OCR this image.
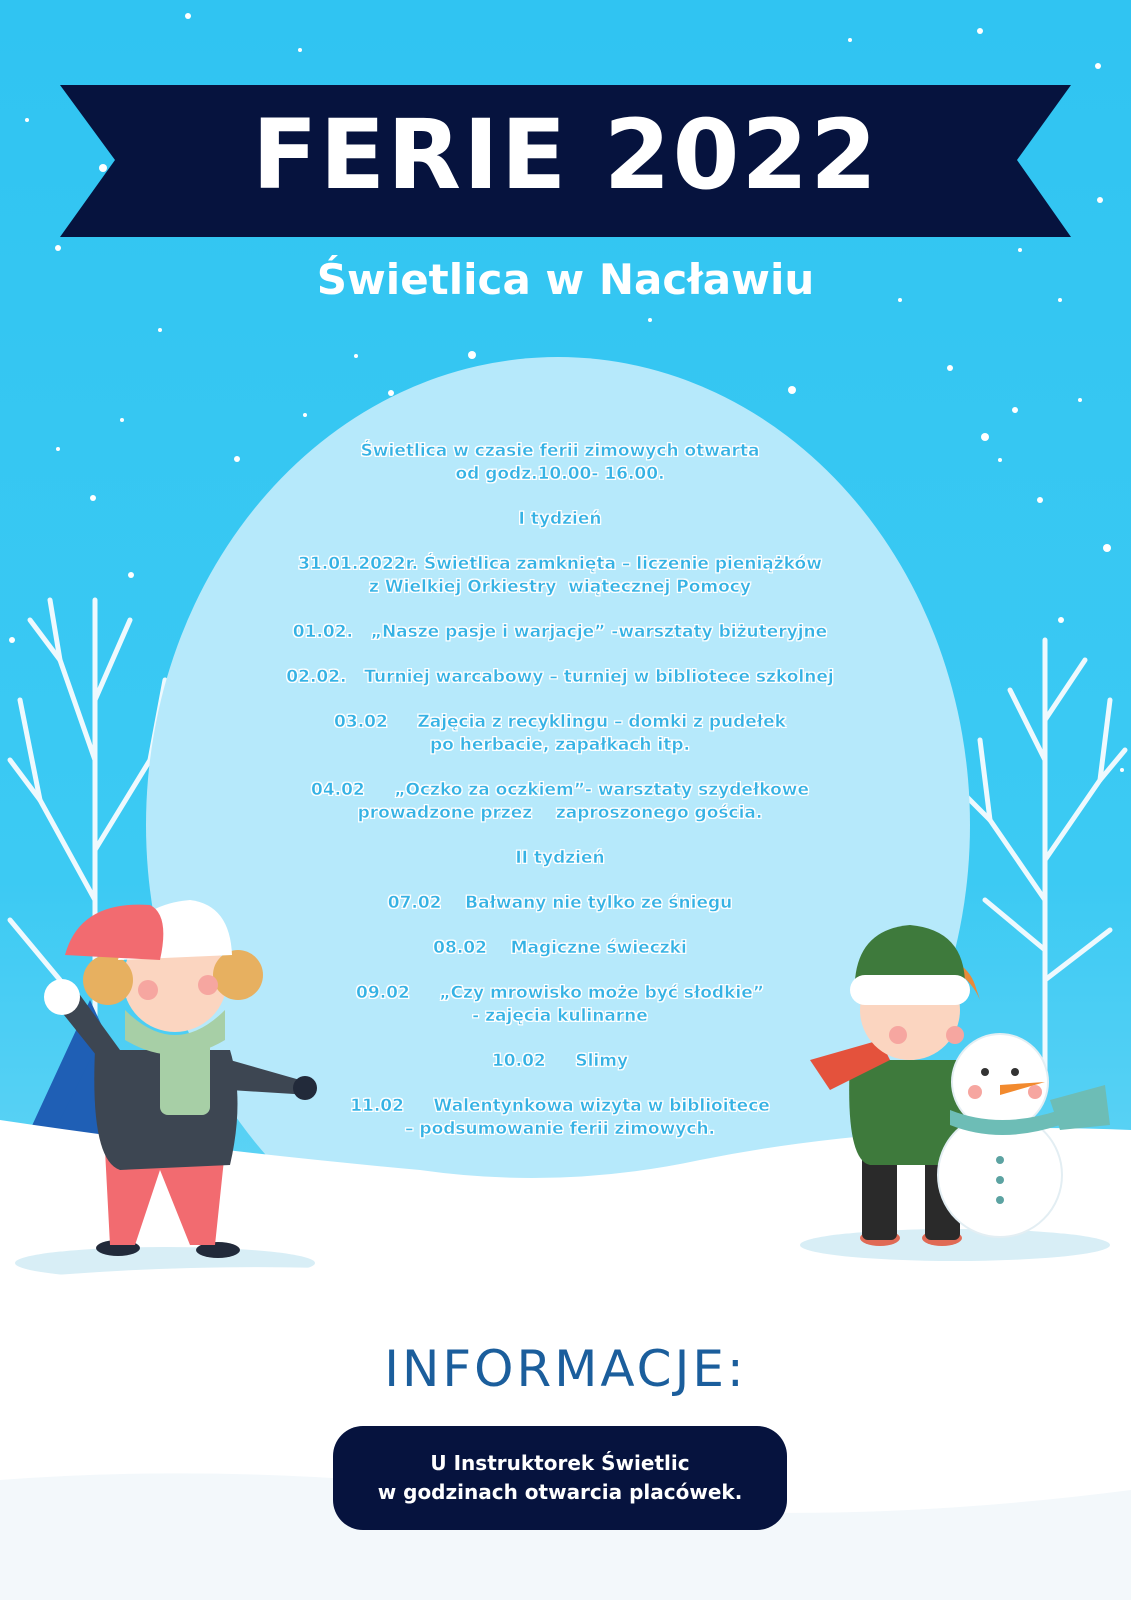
FERIE 2022
Świetlica w Nacławiu
Świetlica w czasie ferii zimowych otwarta
od godz.10.00- 16.00.
I tydzień
31.01.2022r. Świetlica zamknięta – liczenie pieniążków
z Wielkiej Orkiestry  wiątecznej Pomocy
01.02.   „Nasze pasje i warjacje” -warsztaty biżuteryjne
02.02.   Turniej warcabowy – turniej w bibliotece szkolnej
03.02     Zajęcia z recyklingu – domki z pudełek
po herbacie, zapałkach itp.
04.02     „Oczko za oczkiem”- warsztaty szydełkowe
prowadzone przez    zaproszonego gościa.
II tydzień
07.02    Bałwany nie tylko ze śniegu
08.02    Magiczne świeczki
09.02     „Czy mrowisko może być słodkie”
- zajęcia kulinarne
10.02     Slimy
11.02     Walentynkowa wizyta w biblioitece
– podsumowanie ferii zimowych.
INFORMACJE:
U Instruktorek Świetlic
w godzinach otwarcia placówek.
